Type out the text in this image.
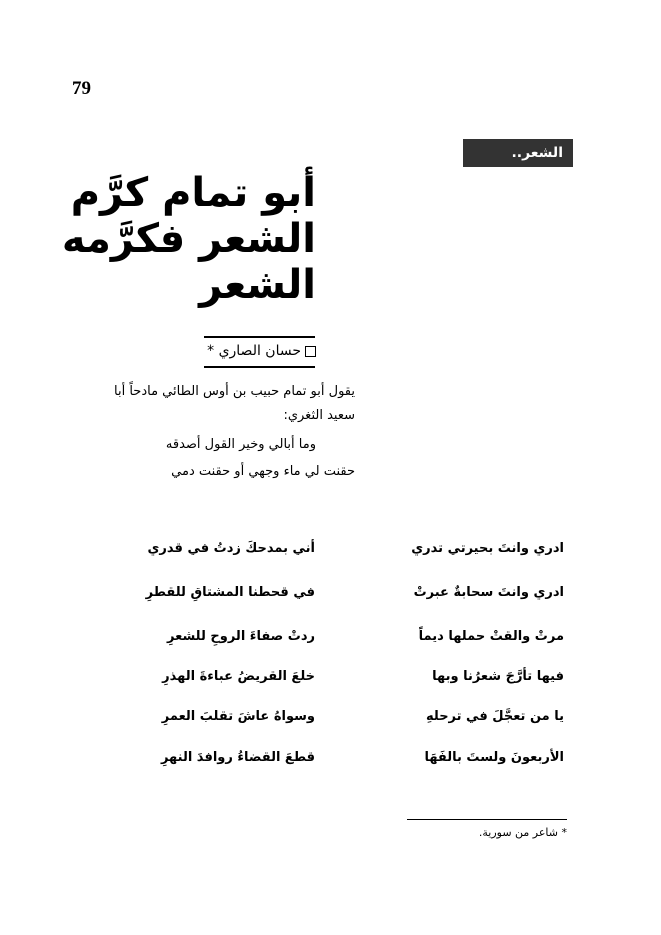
79
الشعر..
أبو تمام كرَّم
الشعر فكرَّمه
الشعر
حسان الصاري *
يقول أبو تمام حبيب بن أوس الطائي مادحاً أبا سعيد الثغري:
وما أبالي وخير القول أصدقه
حقنت لي ماء وجهي أو حقنت دمي
ادري وانتَ بحيرتي تدري
أني بمدحكَ زدتُ في قدري
ادري وانتَ سحابةٌ عبرتْ
في قحطنا المشتاقِ للقطرِ
مرتْ والقتْ حملها ديماً
ردتْ صفاءَ الروحِ للشعرِ
فيها تأرَّجَ شعرُنا وبها
خلعَ القريضُ عباءةَ الهذرِ
يا من تعجَّلَ في ترحلهِ
وسواهُ عاشَ تقلبَ العمرِ
الأربعونَ ولستَ بالفَهَا
قطعَ القضاءُ روافدَ النهرِ
* شاعر من سورية.
